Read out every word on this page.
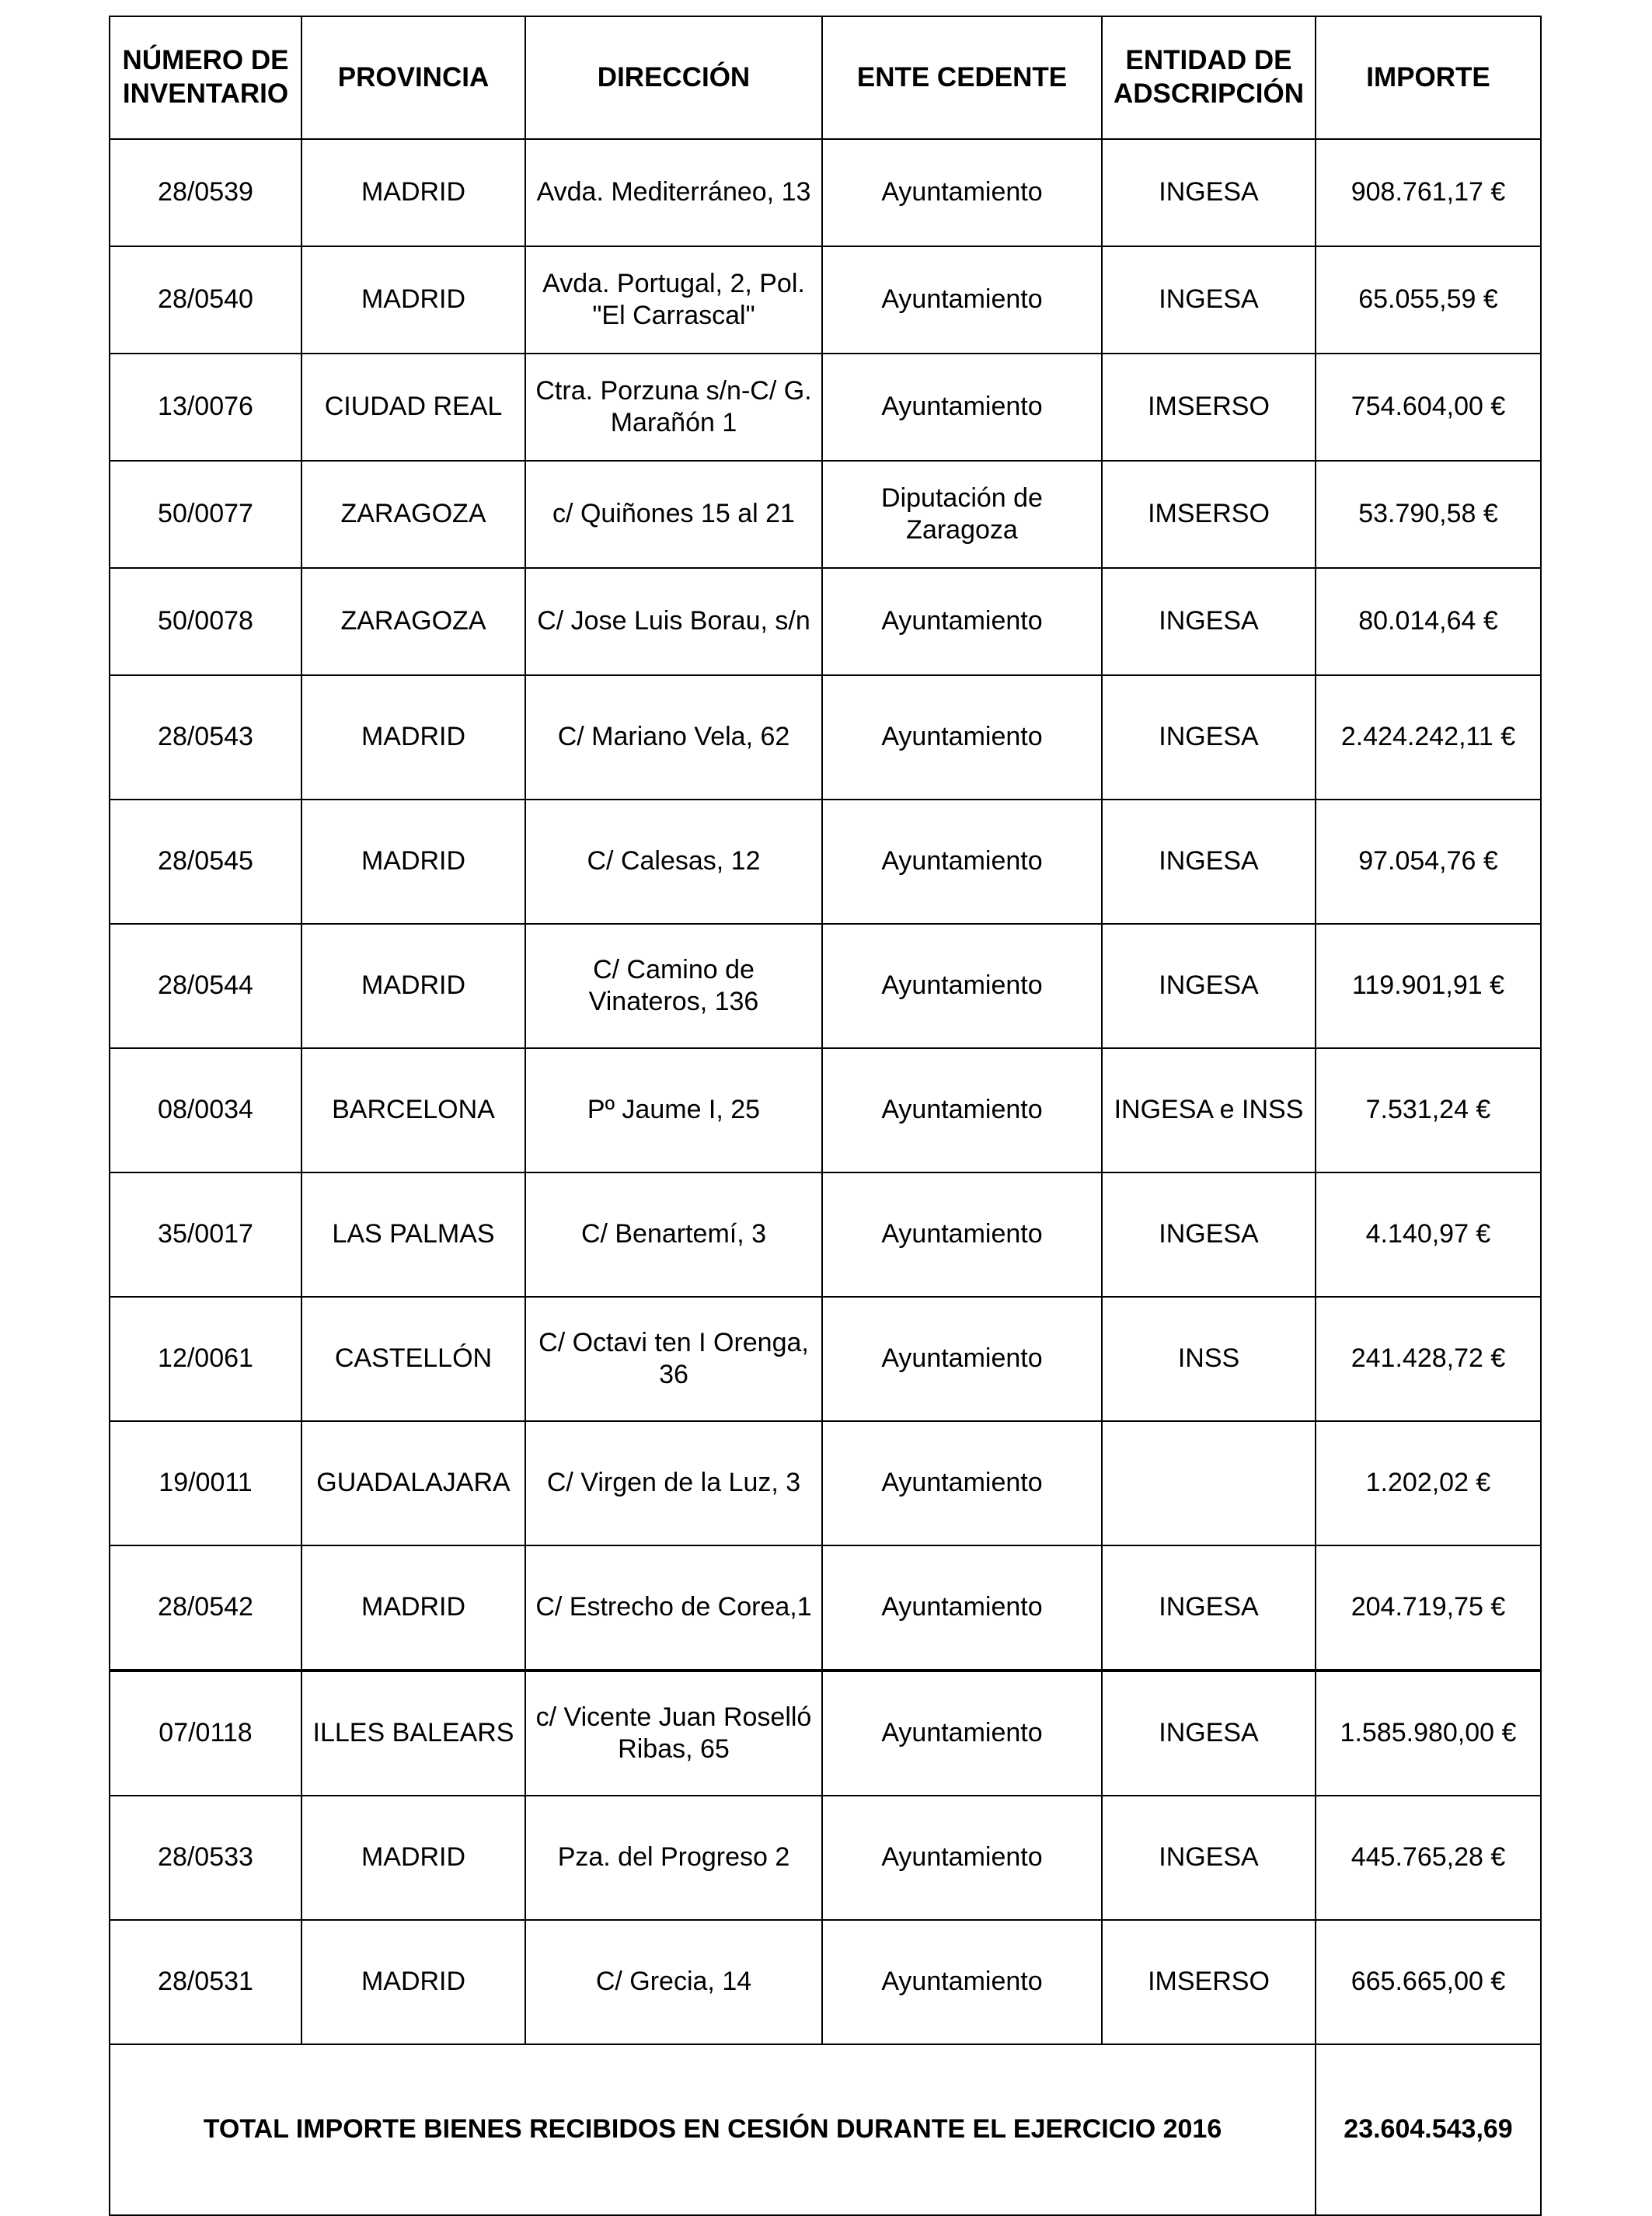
NÚMERO DE INVENTARIO	PROVINCIA	DIRECCIÓN	ENTE CEDENTE	ENTIDAD DE ADSCRIPCIÓN	IMPORTE
28/0539	MADRID	Avda. Mediterráneo, 13	Ayuntamiento	INGESA	908.761,17 €
28/0540	MADRID	Avda. Portugal, 2, Pol. "El Carrascal"	Ayuntamiento	INGESA	65.055,59 €
13/0076	CIUDAD REAL	Ctra. Porzuna s/n-C/ G. Marañón 1	Ayuntamiento	IMSERSO	754.604,00 €
50/0077	ZARAGOZA	c/ Quiñones 15 al 21	Diputación de Zaragoza	IMSERSO	53.790,58 €
50/0078	ZARAGOZA	C/ Jose Luis Borau, s/n	Ayuntamiento	INGESA	80.014,64 €
28/0543	MADRID	C/ Mariano Vela, 62	Ayuntamiento	INGESA	2.424.242,11 €
28/0545	MADRID	C/ Calesas, 12	Ayuntamiento	INGESA	97.054,76 €
28/0544	MADRID	C/ Camino de Vinateros, 136	Ayuntamiento	INGESA	119.901,91 €
08/0034	BARCELONA	Pº Jaume I, 25	Ayuntamiento	INGESA e INSS	7.531,24 €
35/0017	LAS PALMAS	C/ Benartemí, 3	Ayuntamiento	INGESA	4.140,97 €
12/0061	CASTELLÓN	C/ Octavi ten I Orenga, 36	Ayuntamiento	INSS	241.428,72 €
19/0011	GUADALAJARA	C/ Virgen de la Luz, 3	Ayuntamiento		1.202,02 €
28/0542	MADRID	C/ Estrecho de Corea,1	Ayuntamiento	INGESA	204.719,75 €
07/0118	ILLES BALEARS	c/ Vicente Juan Roselló Ribas, 65	Ayuntamiento	INGESA	1.585.980,00 €
28/0533	MADRID	Pza. del Progreso 2	Ayuntamiento	INGESA	445.765,28 €
28/0531	MADRID	C/ Grecia, 14	Ayuntamiento	IMSERSO	665.665,00 €
TOTAL IMPORTE BIENES RECIBIDOS EN CESIÓN DURANTE EL EJERCICIO 2016					23.604.543,69
